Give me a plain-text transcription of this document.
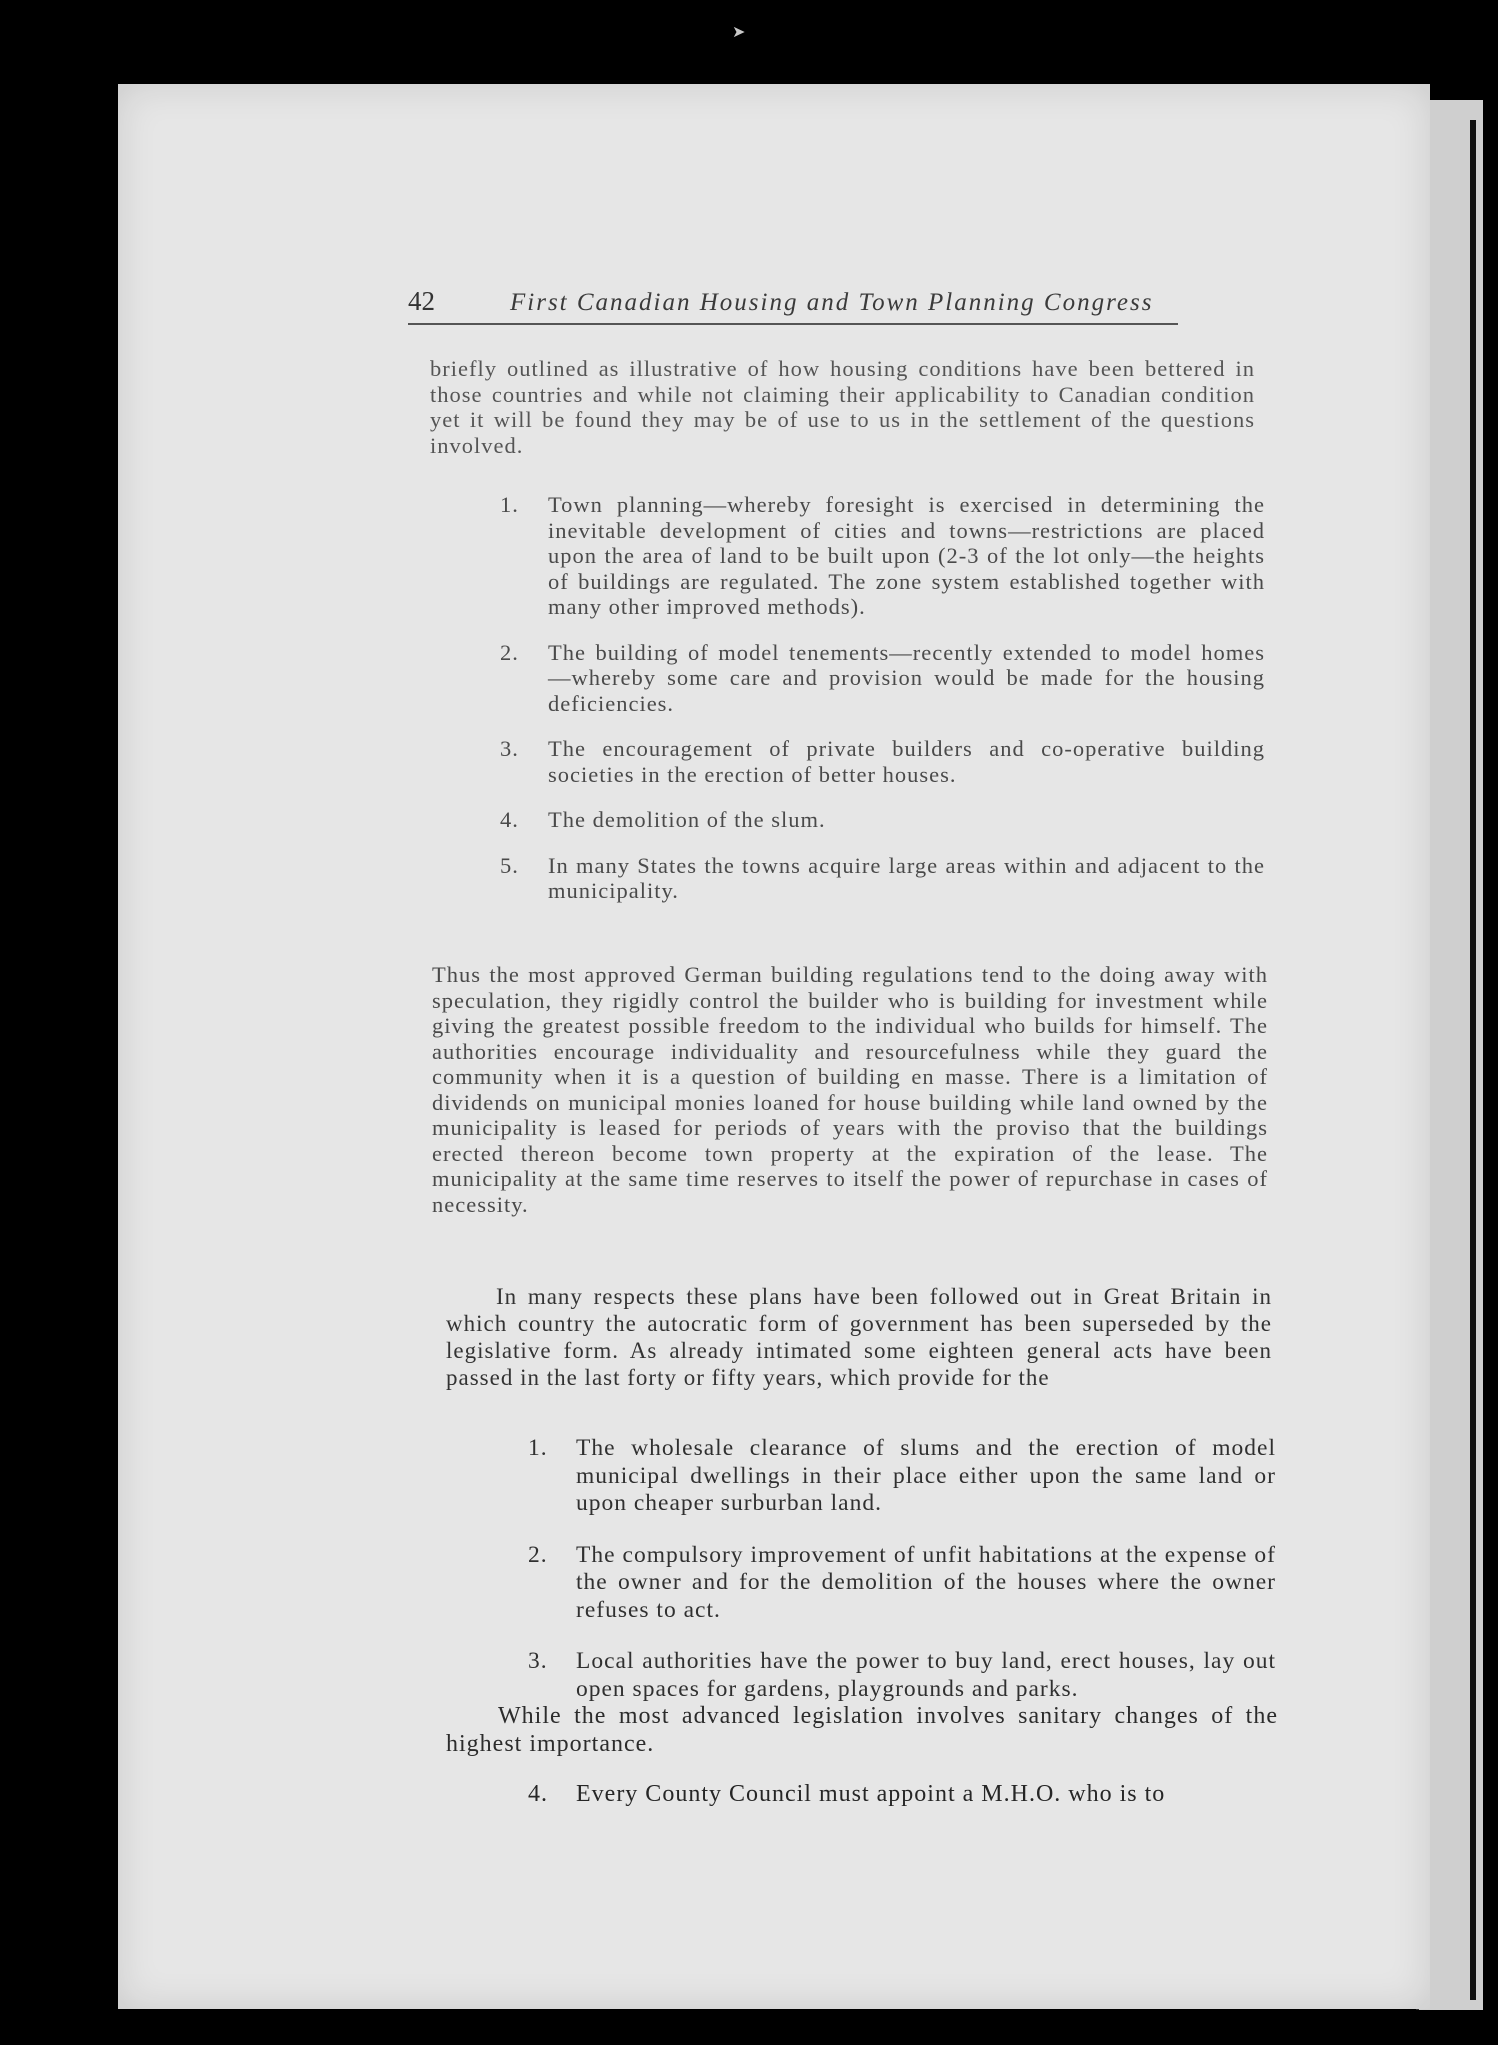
➤
42	First Canadian Housing and Town Planning Congress

briefly outlined as illustrative of how housing conditions have been bettered in those countries and while not claiming their applicability to Canadian condition yet it will be found they may be of use to us in the settlement of the questions involved.

1.	Town planning—whereby foresight is exercised in determining the inevitable development of cities and towns—restrictions are placed upon the area of land to be built upon (2-3 of the lot only—the heights of buildings are regulated. The zone system established together with many other improved methods).
2.	The building of model tenements—recently extended to model homes—whereby some care and provision would be made for the housing deficiencies.
3.	The encouragement of private builders and co-operative building societies in the erection of better houses.
4.	The demolition of the slum.
5.	In many States the towns acquire large areas within and adjacent to the municipality.

Thus the most approved German building regulations tend to the doing away with speculation, they rigidly control the builder who is building for investment while giving the greatest possible freedom to the individual who builds for himself. The authorities encourage individuality and resourcefulness while they guard the community when it is a question of building en masse. There is a limitation of dividends on municipal monies loaned for house building while land owned by the municipality is leased for periods of years with the proviso that the buildings erected thereon become town property at the expiration of the lease. The municipality at the same time reserves to itself the power of repurchase in cases of necessity.

In many respects these plans have been followed out in Great Britain in which country the autocratic form of government has been superseded by the legislative form. As already intimated some eighteen general acts have been passed in the last forty or fifty years, which provide for the

1.	The wholesale clearance of slums and the erection of model municipal dwellings in their place either upon the same land or upon cheaper surburban land.
2.	The compulsory improvement of unfit habitations at the expense of the owner and for the demolition of the houses where the owner refuses to act.
3.	Local authorities have the power to buy land, erect houses, lay out open spaces for gardens, playgrounds and parks.

While the most advanced legislation involves sanitary changes of the highest importance.

4.	Every County Council must appoint a M.H.O. who is to
